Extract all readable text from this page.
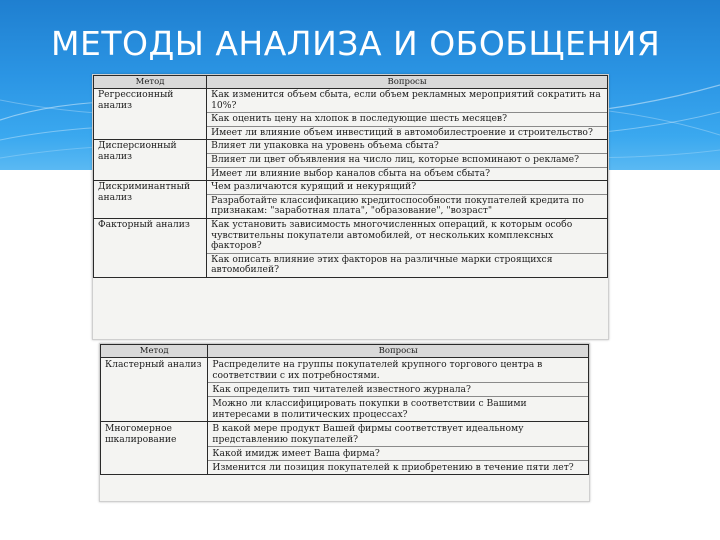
МЕТОДЫ АНАЛИЗА И ОБОБЩЕНИЯ
Метод	Вопросы
Регрессионный анализ	Как изменится объем сбыта, если объем рекламных мероприятий сократить на 10%?
Как оценить цену на хлопок в последующие шесть месяцев?
Имеет ли влияние объем инвестиций в автомобилестроение и строительство?

Дисперсионный анализ	Влияет ли упаковка на уровень объема сбыта?
Влияет ли цвет объявления на число лиц, которые вспоминают о рекламе?
Имеет ли влияние выбор каналов сбыта на объем сбыта?

Дискриминантный анализ	Чем различаются курящий и некурящий?
Разработайте классификацию кредитоспособности покупателей кредита по признакам: "заработная плата", "образование", "возраст"

Факторный анализ	Как установить зависимость многочисленных операций, к которым особо чувствительны покупатели автомобилей, от нескольких комплексных факторов?
Как описать влияние этих факторов на различные марки строящихся автомобилей?
Метод	Вопросы
Кластерный анализ	Распределите на группы покупателей крупного торгового центра в соответствии с их потребностями.
Как определить тип читателей известного журнала?
Можно ли классифицировать покупки в соответствии с Вашими интересами в политических процессах?

Многомерное шкалирование	В какой мере продукт Вашей фирмы соответствует идеальному представлению покупателей?
Какой имидж имеет Ваша фирма?
Изменится ли позиция покупателей к приобретению в течение пяти лет?
